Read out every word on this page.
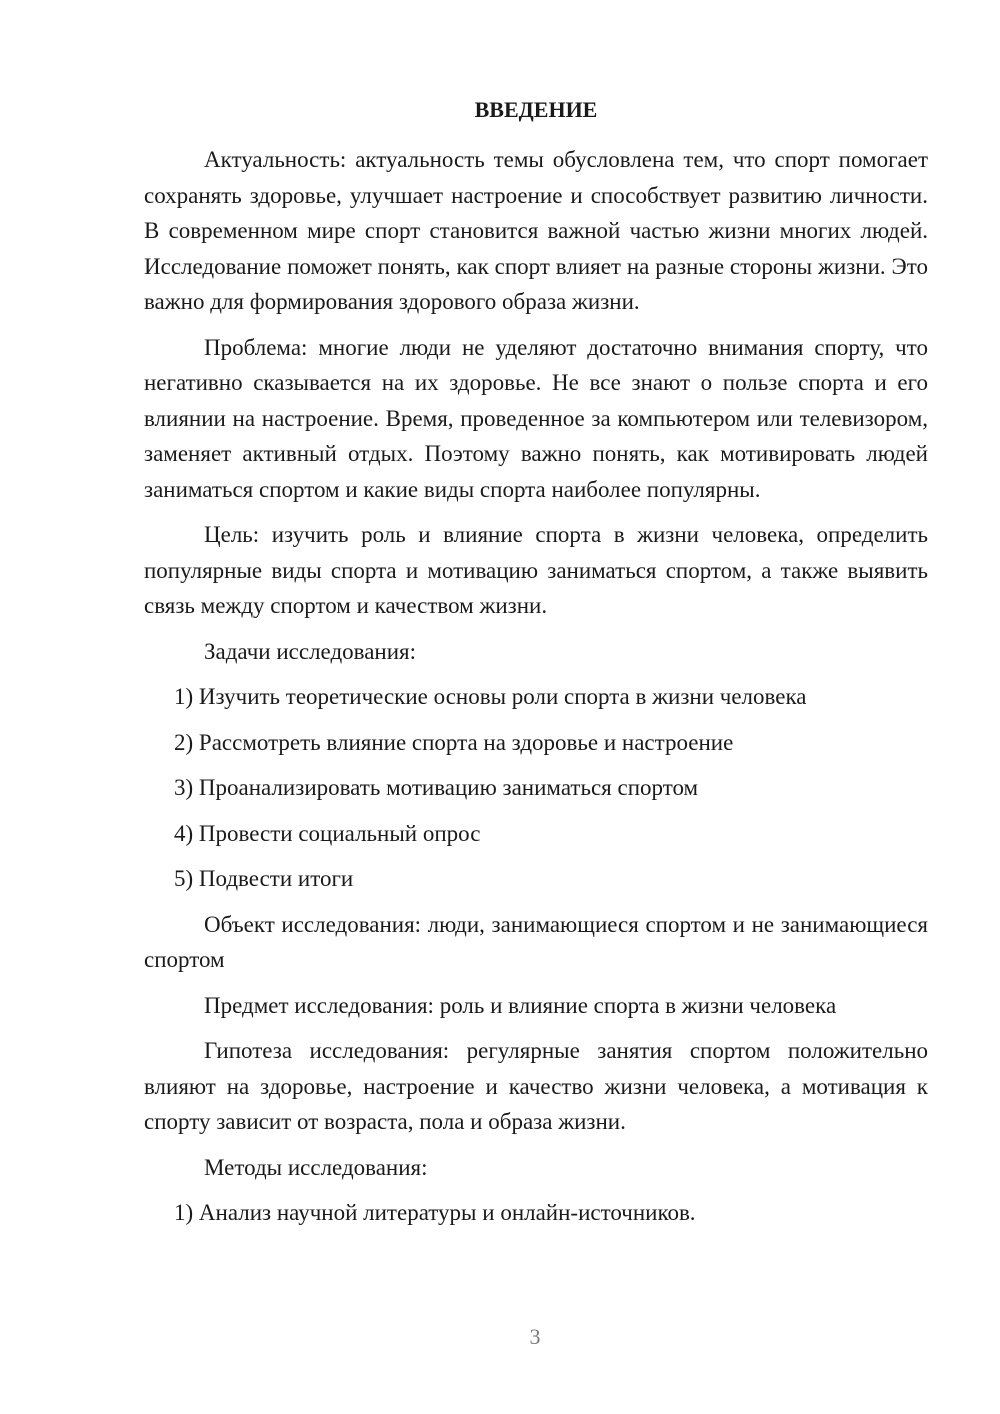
ВВЕДЕНИЕ

Актуальность: актуальность темы обусловлена тем, что спорт помогает сохранять здоровье, улучшает настроение и способствует развитию личности. В современном мире спорт становится важной частью жизни многих людей. Исследование поможет понять, как спорт влияет на разные стороны жизни. Это важно для формирования здорового образа жизни.

Проблема: многие люди не уделяют достаточно внимания спорту, что негативно сказывается на их здоровье. Не все знают о пользе спорта и его влиянии на настроение. Время, проведенное за компьютером или телевизором, заменяет активный отдых. Поэтому важно понять, как мотивировать людей заниматься спортом и какие виды спорта наиболее популярны.

Цель: изучить роль и влияние спорта в жизни человека, определить популярные виды спорта и мотивацию заниматься спортом, а также выявить связь между спортом и качеством жизни.

Задачи исследования:

1) Изучить теоретические основы роли спорта в жизни человека

2) Рассмотреть влияние спорта на здоровье и настроение

3) Проанализировать мотивацию заниматься спортом

4) Провести социальный опрос

5) Подвести итоги

Объект исследования: люди, занимающиеся спортом и не занимающиеся спортом

Предмет исследования: роль и влияние спорта в жизни человека

Гипотеза исследования: регулярные занятия спортом положительно влияют на здоровье, настроение и качество жизни человека, а мотивация к спорту зависит от возраста, пола и образа жизни.

Методы исследования:

1) Анализ научной литературы и онлайн-источников.

3
